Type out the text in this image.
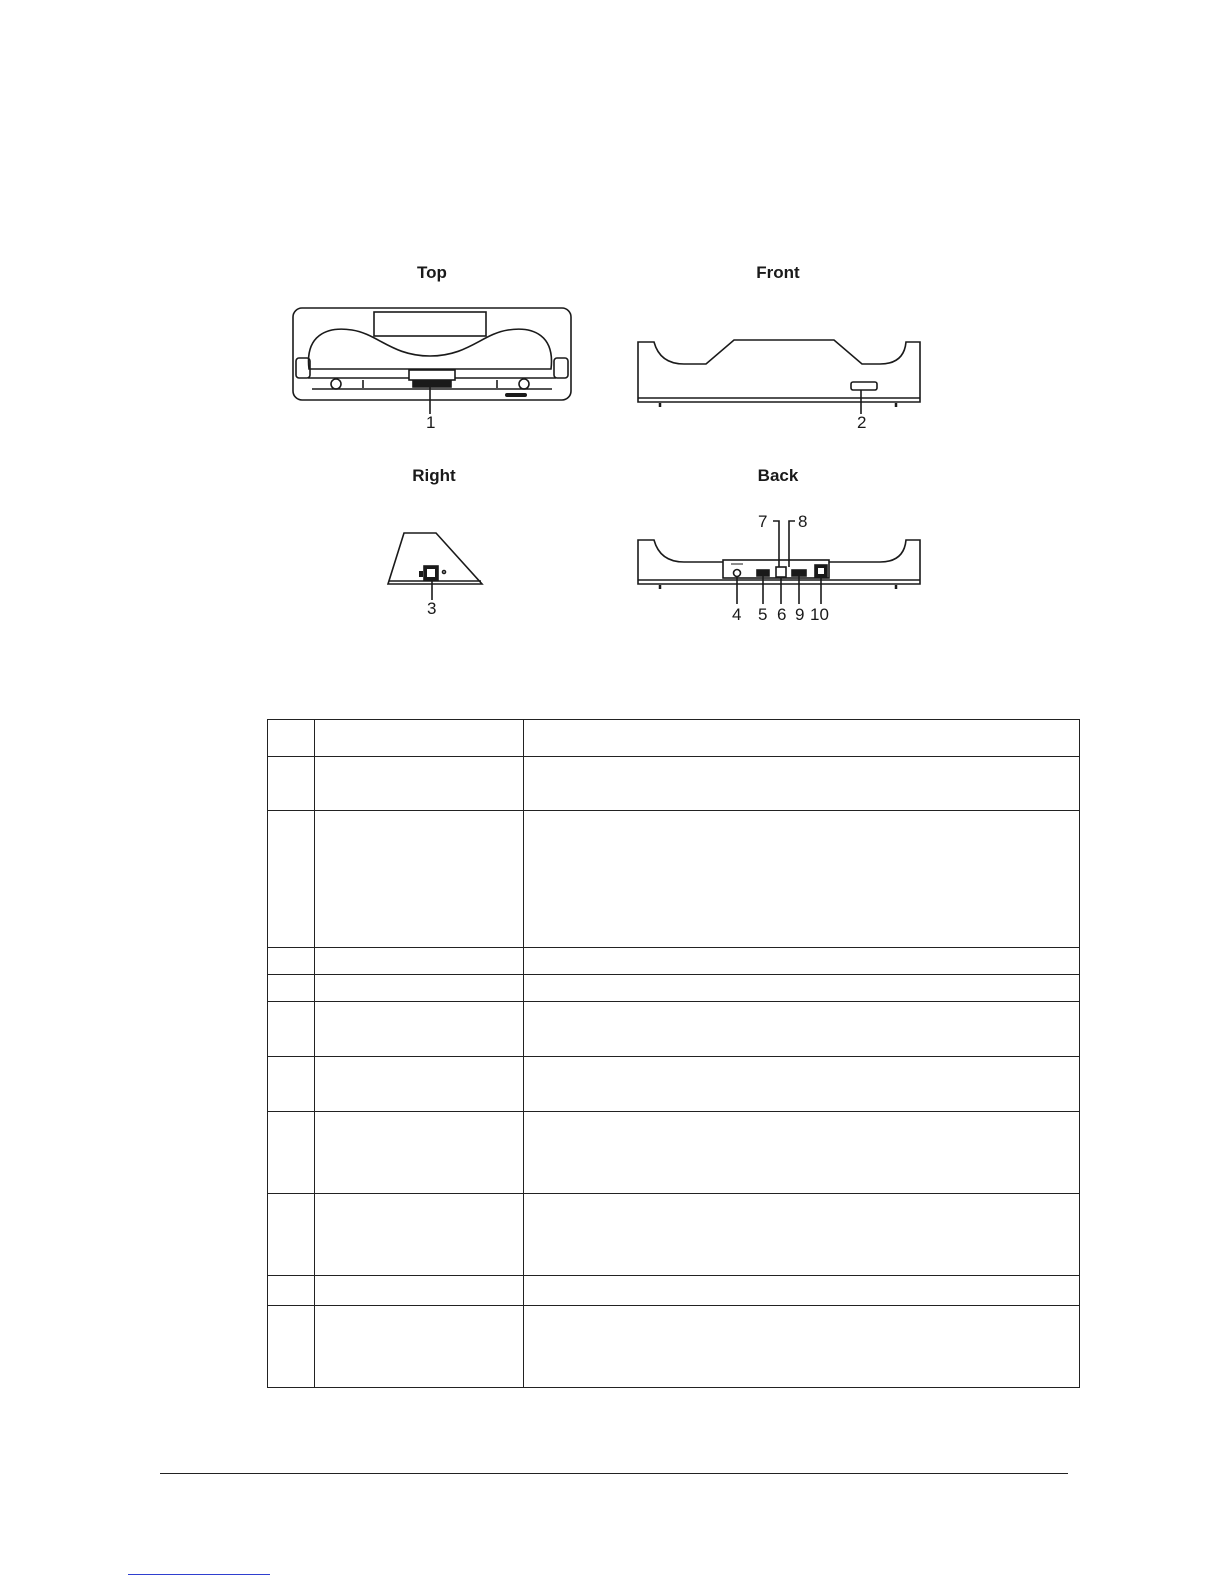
Top	Front
Right	Back
1	2
3	4 5 6
7 8
9 10
